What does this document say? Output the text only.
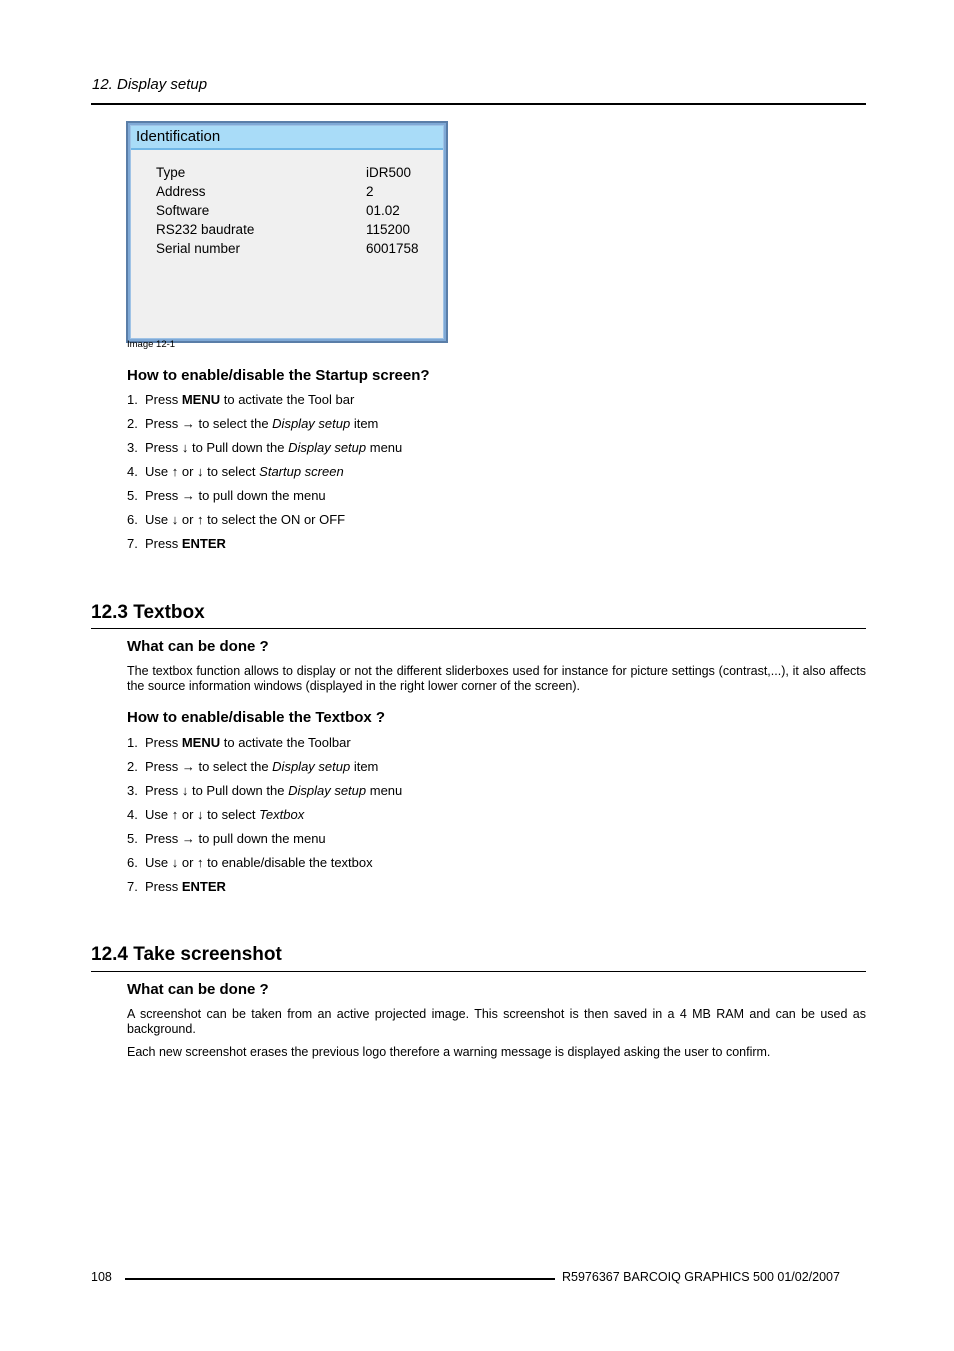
12. Display setup
Identification
Type	iDR500
Address	2
Software	01.02
RS232 baudrate	115200
Serial number	6001758
Image 12-1
How to enable/disable the Startup screen?
1. Press MENU to activate the Tool bar
2. Press → to select the Display setup item
3. Press ↓ to Pull down the Display setup menu
4. Use ↑ or ↓ to select Startup screen
5. Press → to pull down the menu
6. Use ↓ or ↑ to select the ON or OFF
7. Press ENTER
12.3 Textbox
What can be done ?
The textbox function allows to display or not the different sliderboxes used for instance for picture settings (contrast,...), it also affects the source information windows (displayed in the right lower corner of the screen).
How to enable/disable the Textbox ?
1. Press MENU to activate the Toolbar
2. Press → to select the Display setup item
3. Press ↓ to Pull down the Display setup menu
4. Use ↑ or ↓ to select Textbox
5. Press → to pull down the menu
6. Use ↓ or ↑ to enable/disable the textbox
7. Press ENTER
12.4 Take screenshot
What can be done ?
A screenshot can be taken from an active projected image. This screenshot is then saved in a 4 MB RAM and can be used as background.
Each new screenshot erases the previous logo therefore a warning message is displayed asking the user to confirm.
108	R5976367 BARCOIQ GRAPHICS 500 01/02/2007
